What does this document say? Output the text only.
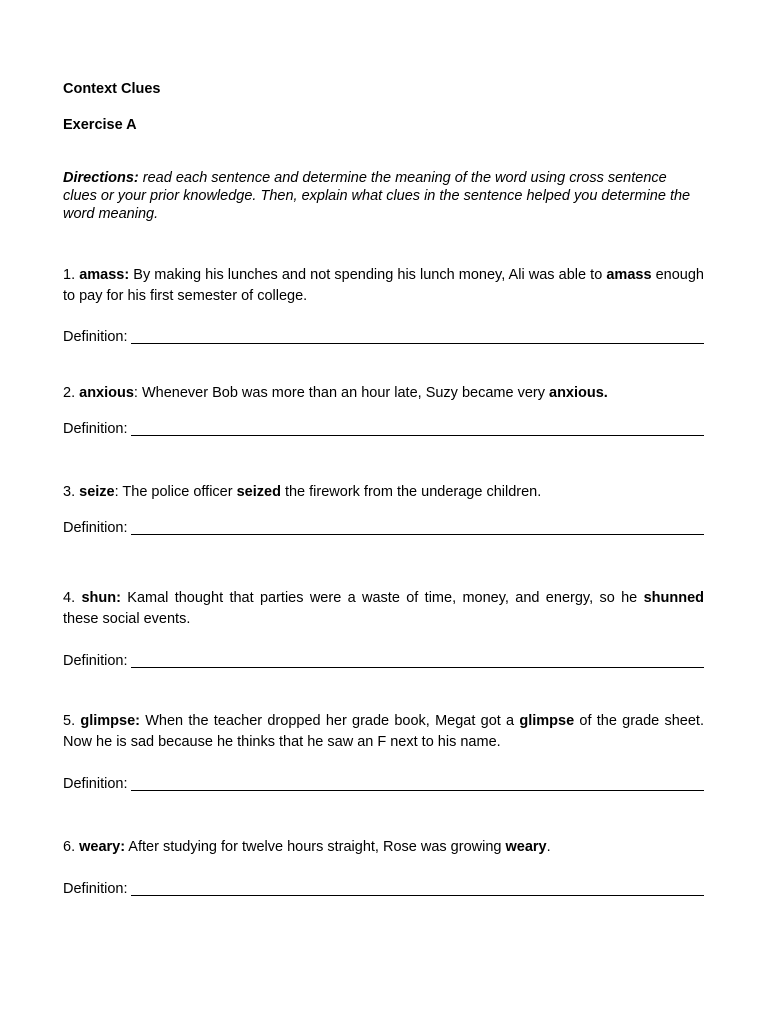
Context Clues
Exercise A
Directions: read each sentence and determine the meaning of the word using cross sentence clues or your prior knowledge. Then, explain what clues in the sentence helped you determine the word meaning.
1. amass: By making his lunches and not spending his lunch money, Ali was able to amass enough to pay for his first semester of college.
Definition:
2. anxious: Whenever Bob was more than an hour late, Suzy became very anxious.
Definition:
3. seize: The police officer seized the firework from the underage children.
Definition:
4. shun: Kamal thought that parties were a waste of time, money, and energy, so he shunned these social events.
Definition:
5. glimpse: When the teacher dropped her grade book, Megat got a glimpse of the grade sheet. Now he is sad because he thinks that he saw an F next to his name.
Definition:
6. weary: After studying for twelve hours straight, Rose was growing weary.
Definition:
